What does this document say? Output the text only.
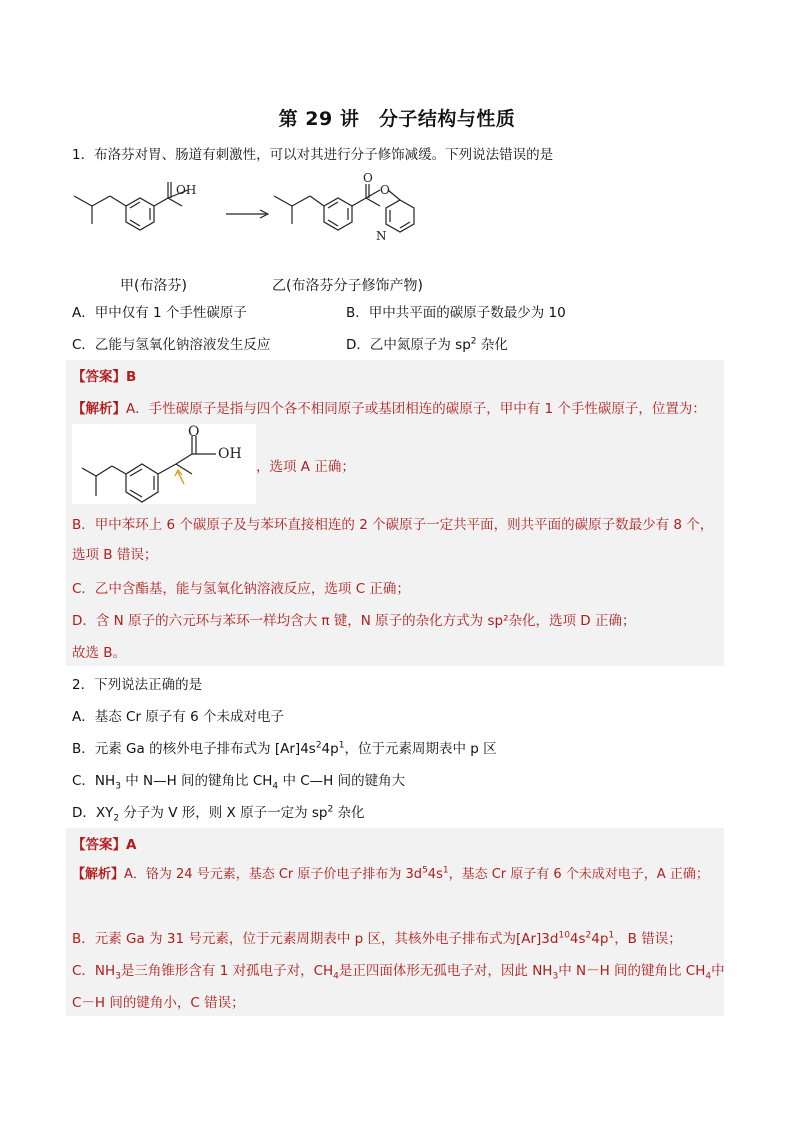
第 29 讲　分子结构与性质
1．布洛芬对胃、肠道有刺激性，可以对其进行分子修饰减缓。下列说法错误的是
OH
O
O
N
甲(布洛芬)	乙(布洛芬分子修饰产物)
A．甲中仅有 1 个手性碳原子	B．甲中共平面的碳原子数最少为 10
C．乙能与氢氧化钠溶液发生反应	D．乙中氮原子为 $sp^2$ 杂化
【答案】B
【解析】A．手性碳原子是指与四个各不相同原子或基团相连的碳原子，甲中有 1 个手性碳原子，位置为：
O
OH
，选项 A 正确；
B．甲中苯环上 6 个碳原子及与苯环直接相连的 2 个碳原子一定共平面，则共平面的碳原子数最少有 8 个，
选项 B 错误；
C．乙中含酯基，能与氢氧化钠溶液反应，选项 C 正确；
D．含 N 原子的六元环与苯环一样均含大 π 键，N 原子的杂化方式为 sp²杂化，选项 D 正确；
故选 B。
2．下列说法正确的是
A．基态 Cr 原子有 6 个未成对电子
B．元素 Ga 的核外电子排布式为 $[Ar]4s^24p^1$，位于元素周期表中 p 区
C．$NH_3$ 中 N—H 间的键角比 $CH_4$ 中 C—H 间的键角大
D．$XY_2$ 分子为 V 形，则 X 原子一定为 $sp^2$ 杂化
【答案】A
【解析】A．铬为 24 号元素，基态 Cr 原子价电子排布为 $3d^54s^1$，基态 Cr 原子有 6 个未成对电子，A 正确；
B．元素 Ga 为 31 号元素，位于元素周期表中 p 区，其核外电子排布式为$[Ar]3d^{10}4s^24p^1$，B 错误；
C．$NH_3$是三角锥形含有 1 对孤电子对，$CH_4$是正四面体形无孤电子对，因此 $NH_3$中 N－H 间的键角比 $CH_4$中
C－H 间的键角小，C 错误；
